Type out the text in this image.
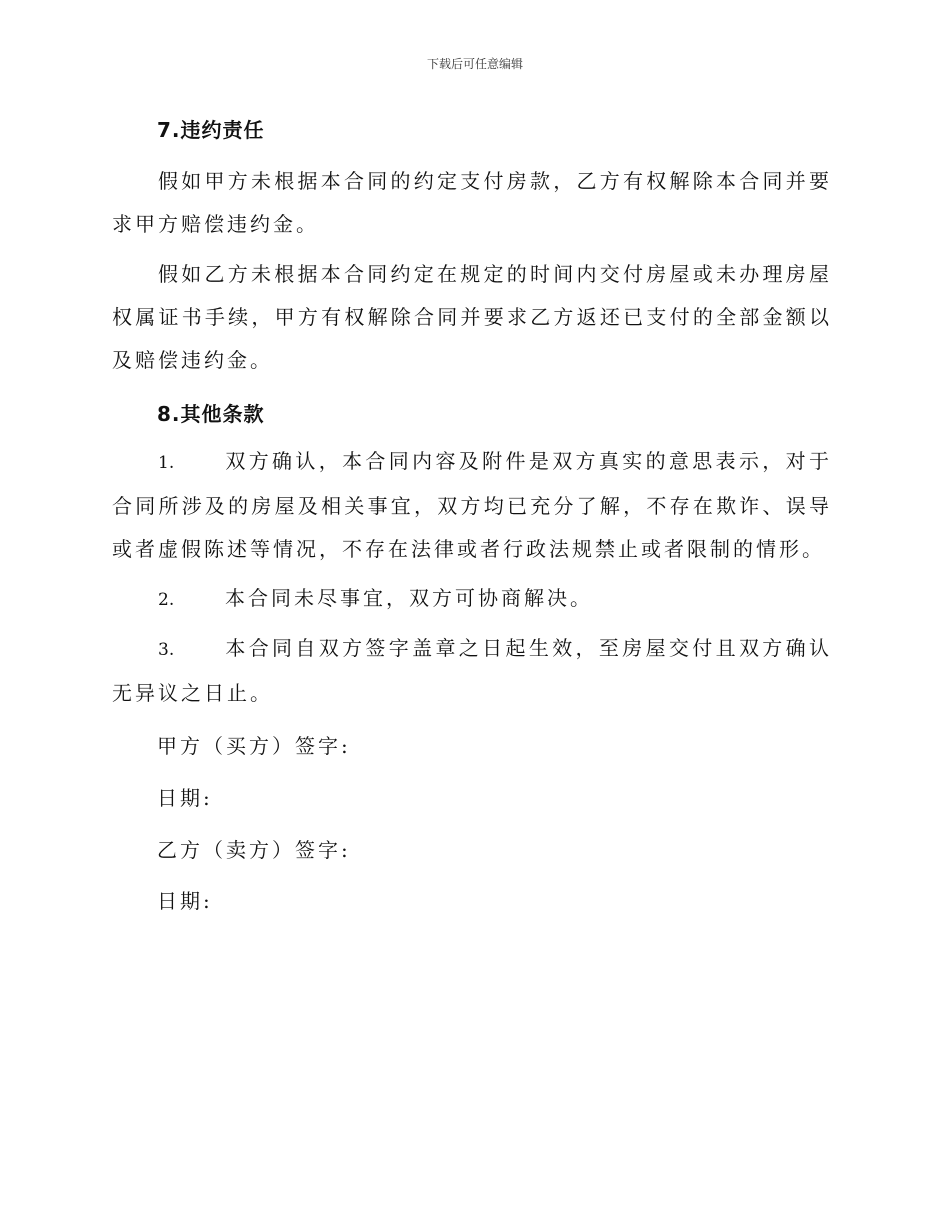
下载后可任意编辑
7.违约责任
假如甲方未根据本合同的约定支付房款，乙方有权解除本合同并要求甲方赔偿违约金。
假如乙方未根据本合同约定在规定的时间内交付房屋或未办理房屋权属证书手续，甲方有权解除合同并要求乙方返还已支付的全部金额以及赔偿违约金。
8.其他条款
1.	双方确认，本合同内容及附件是双方真实的意思表示，对于合同所涉及的房屋及相关事宜，双方均已充分了解，不存在欺诈、误导或者虚假陈述等情况，不存在法律或者行政法规禁止或者限制的情形。
2.	本合同未尽事宜，双方可协商解决。
3.	本合同自双方签字盖章之日起生效，至房屋交付且双方确认无异议之日止。
甲方（买方）签字:
日期:
乙方（卖方）签字:
日期:
